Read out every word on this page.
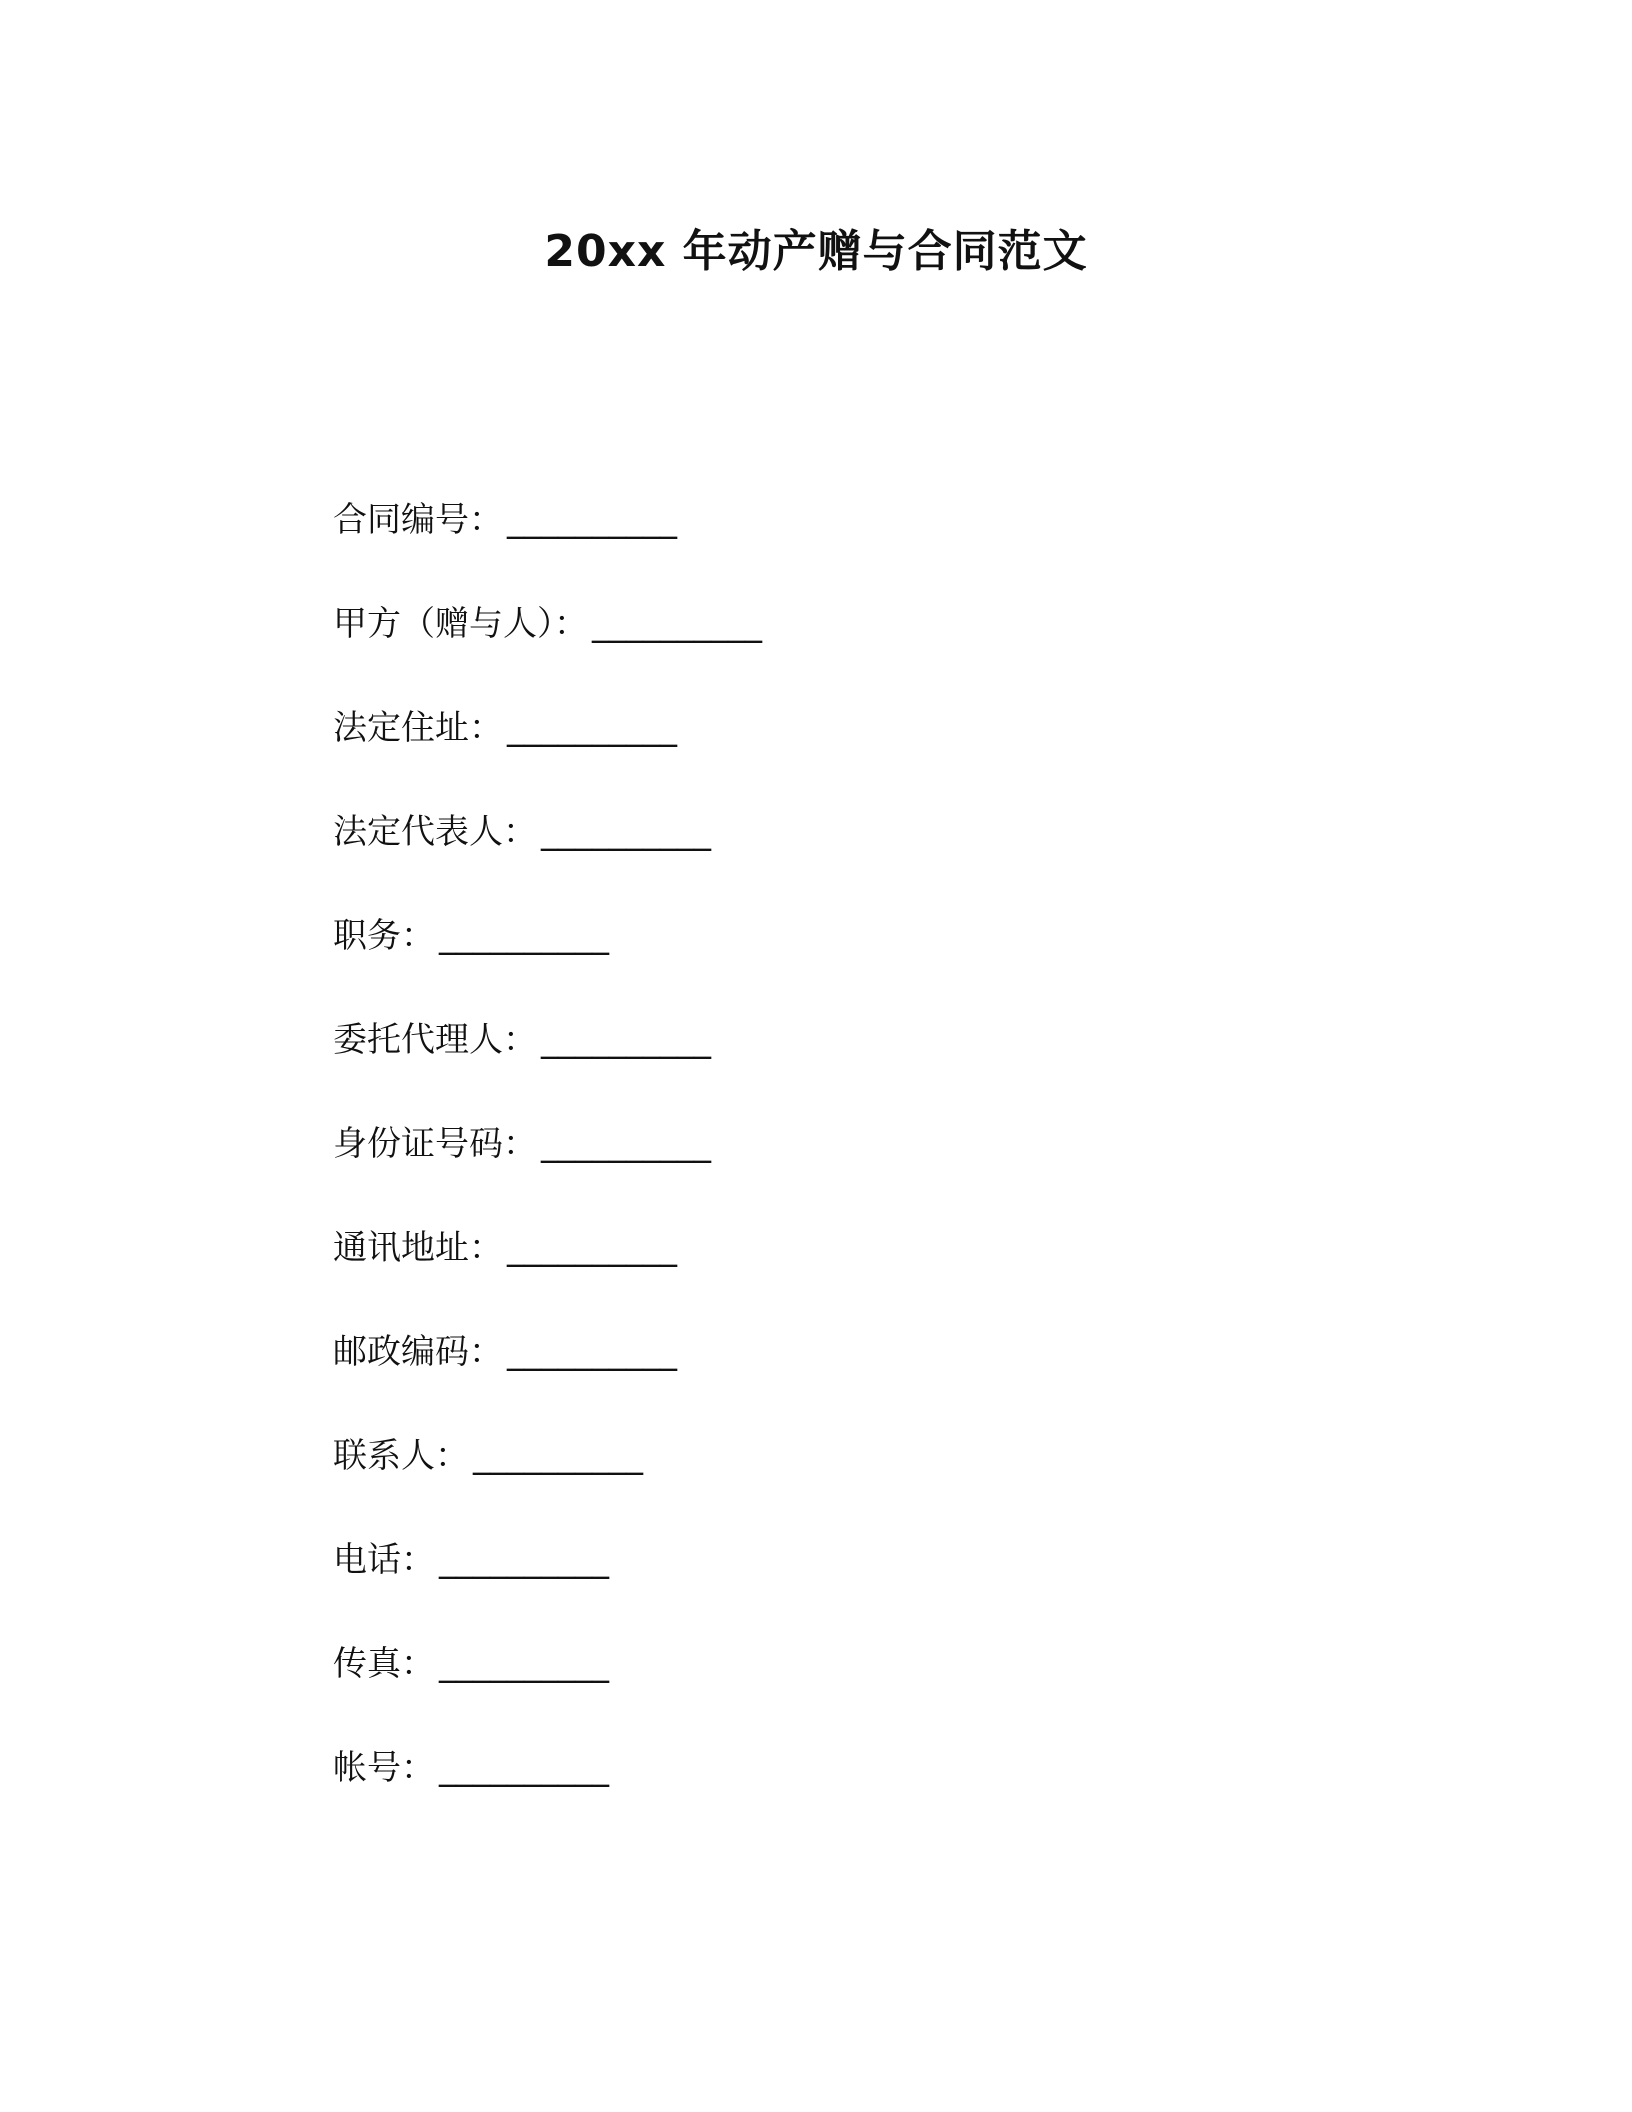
20xx 年动产赠与合同范文
合同编号： __________
甲方（赠与人）： __________
法定住址： __________
法定代表人： __________
职务： __________
委托代理人： __________
身份证号码： __________
通讯地址： __________
邮政编码： __________
联系人： __________
电话： __________
传真： __________
帐号： __________
